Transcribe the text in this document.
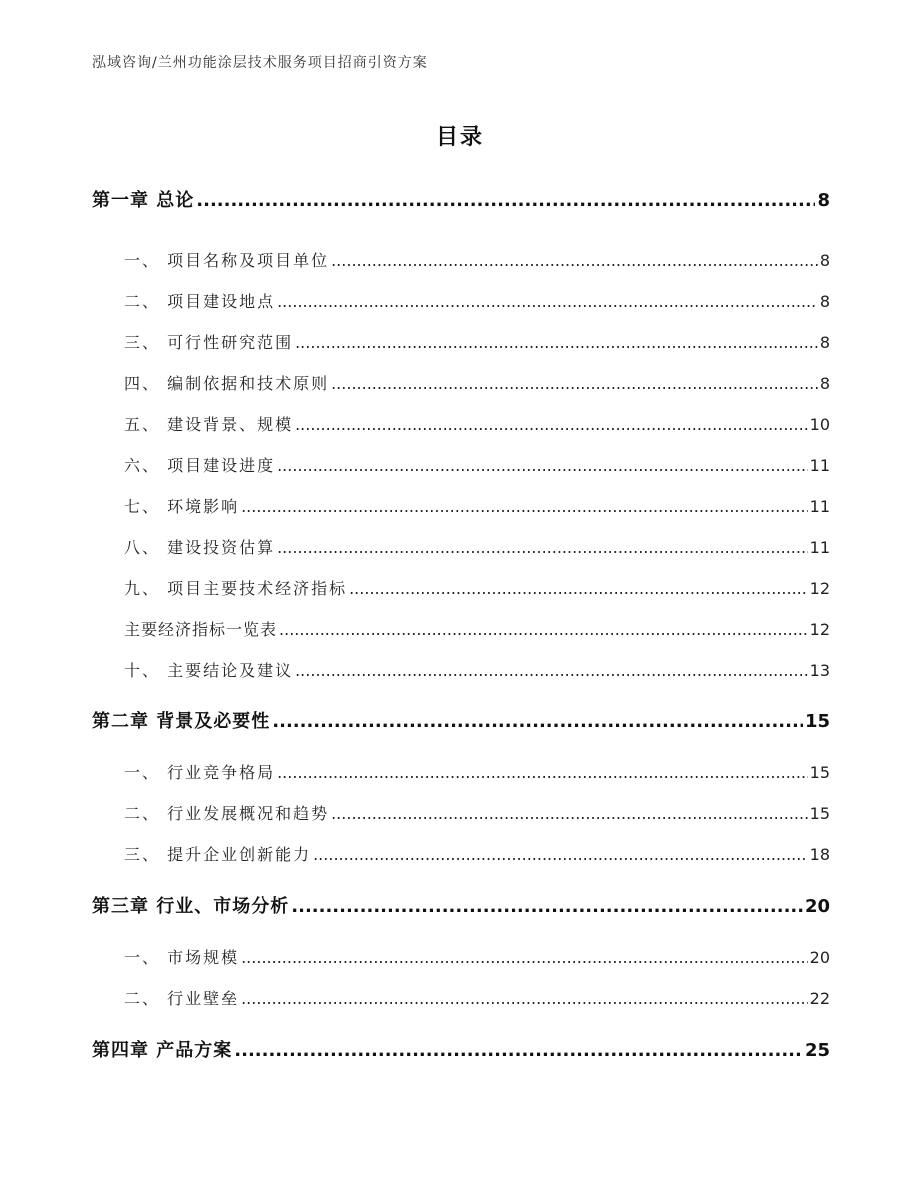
泓域咨询/兰州功能涂层技术服务项目招商引资方案
目录
第一章 总论 .....	8
一、 项目名称及项目单位 .....	8
二、 项目建设地点 .....	8
三、 可行性研究范围 .....	8
四、 编制依据和技术原则 .....	8
五、 建设背景、规模 .....	10
六、 项目建设进度 .....	11
七、 环境影响 .....	11
八、 建设投资估算 .....	11
九、 项目主要技术经济指标 .....	12
主要经济指标一览表 .....	12
十、 主要结论及建议 .....	13
第二章 背景及必要性 .....	15
一、 行业竞争格局 .....	15
二、 行业发展概况和趋势 .....	15
三、 提升企业创新能力 .....	18
第三章 行业、市场分析 .....	20
一、 市场规模 .....	20
二、 行业壁垒 .....	22
第四章 产品方案 .....	25
